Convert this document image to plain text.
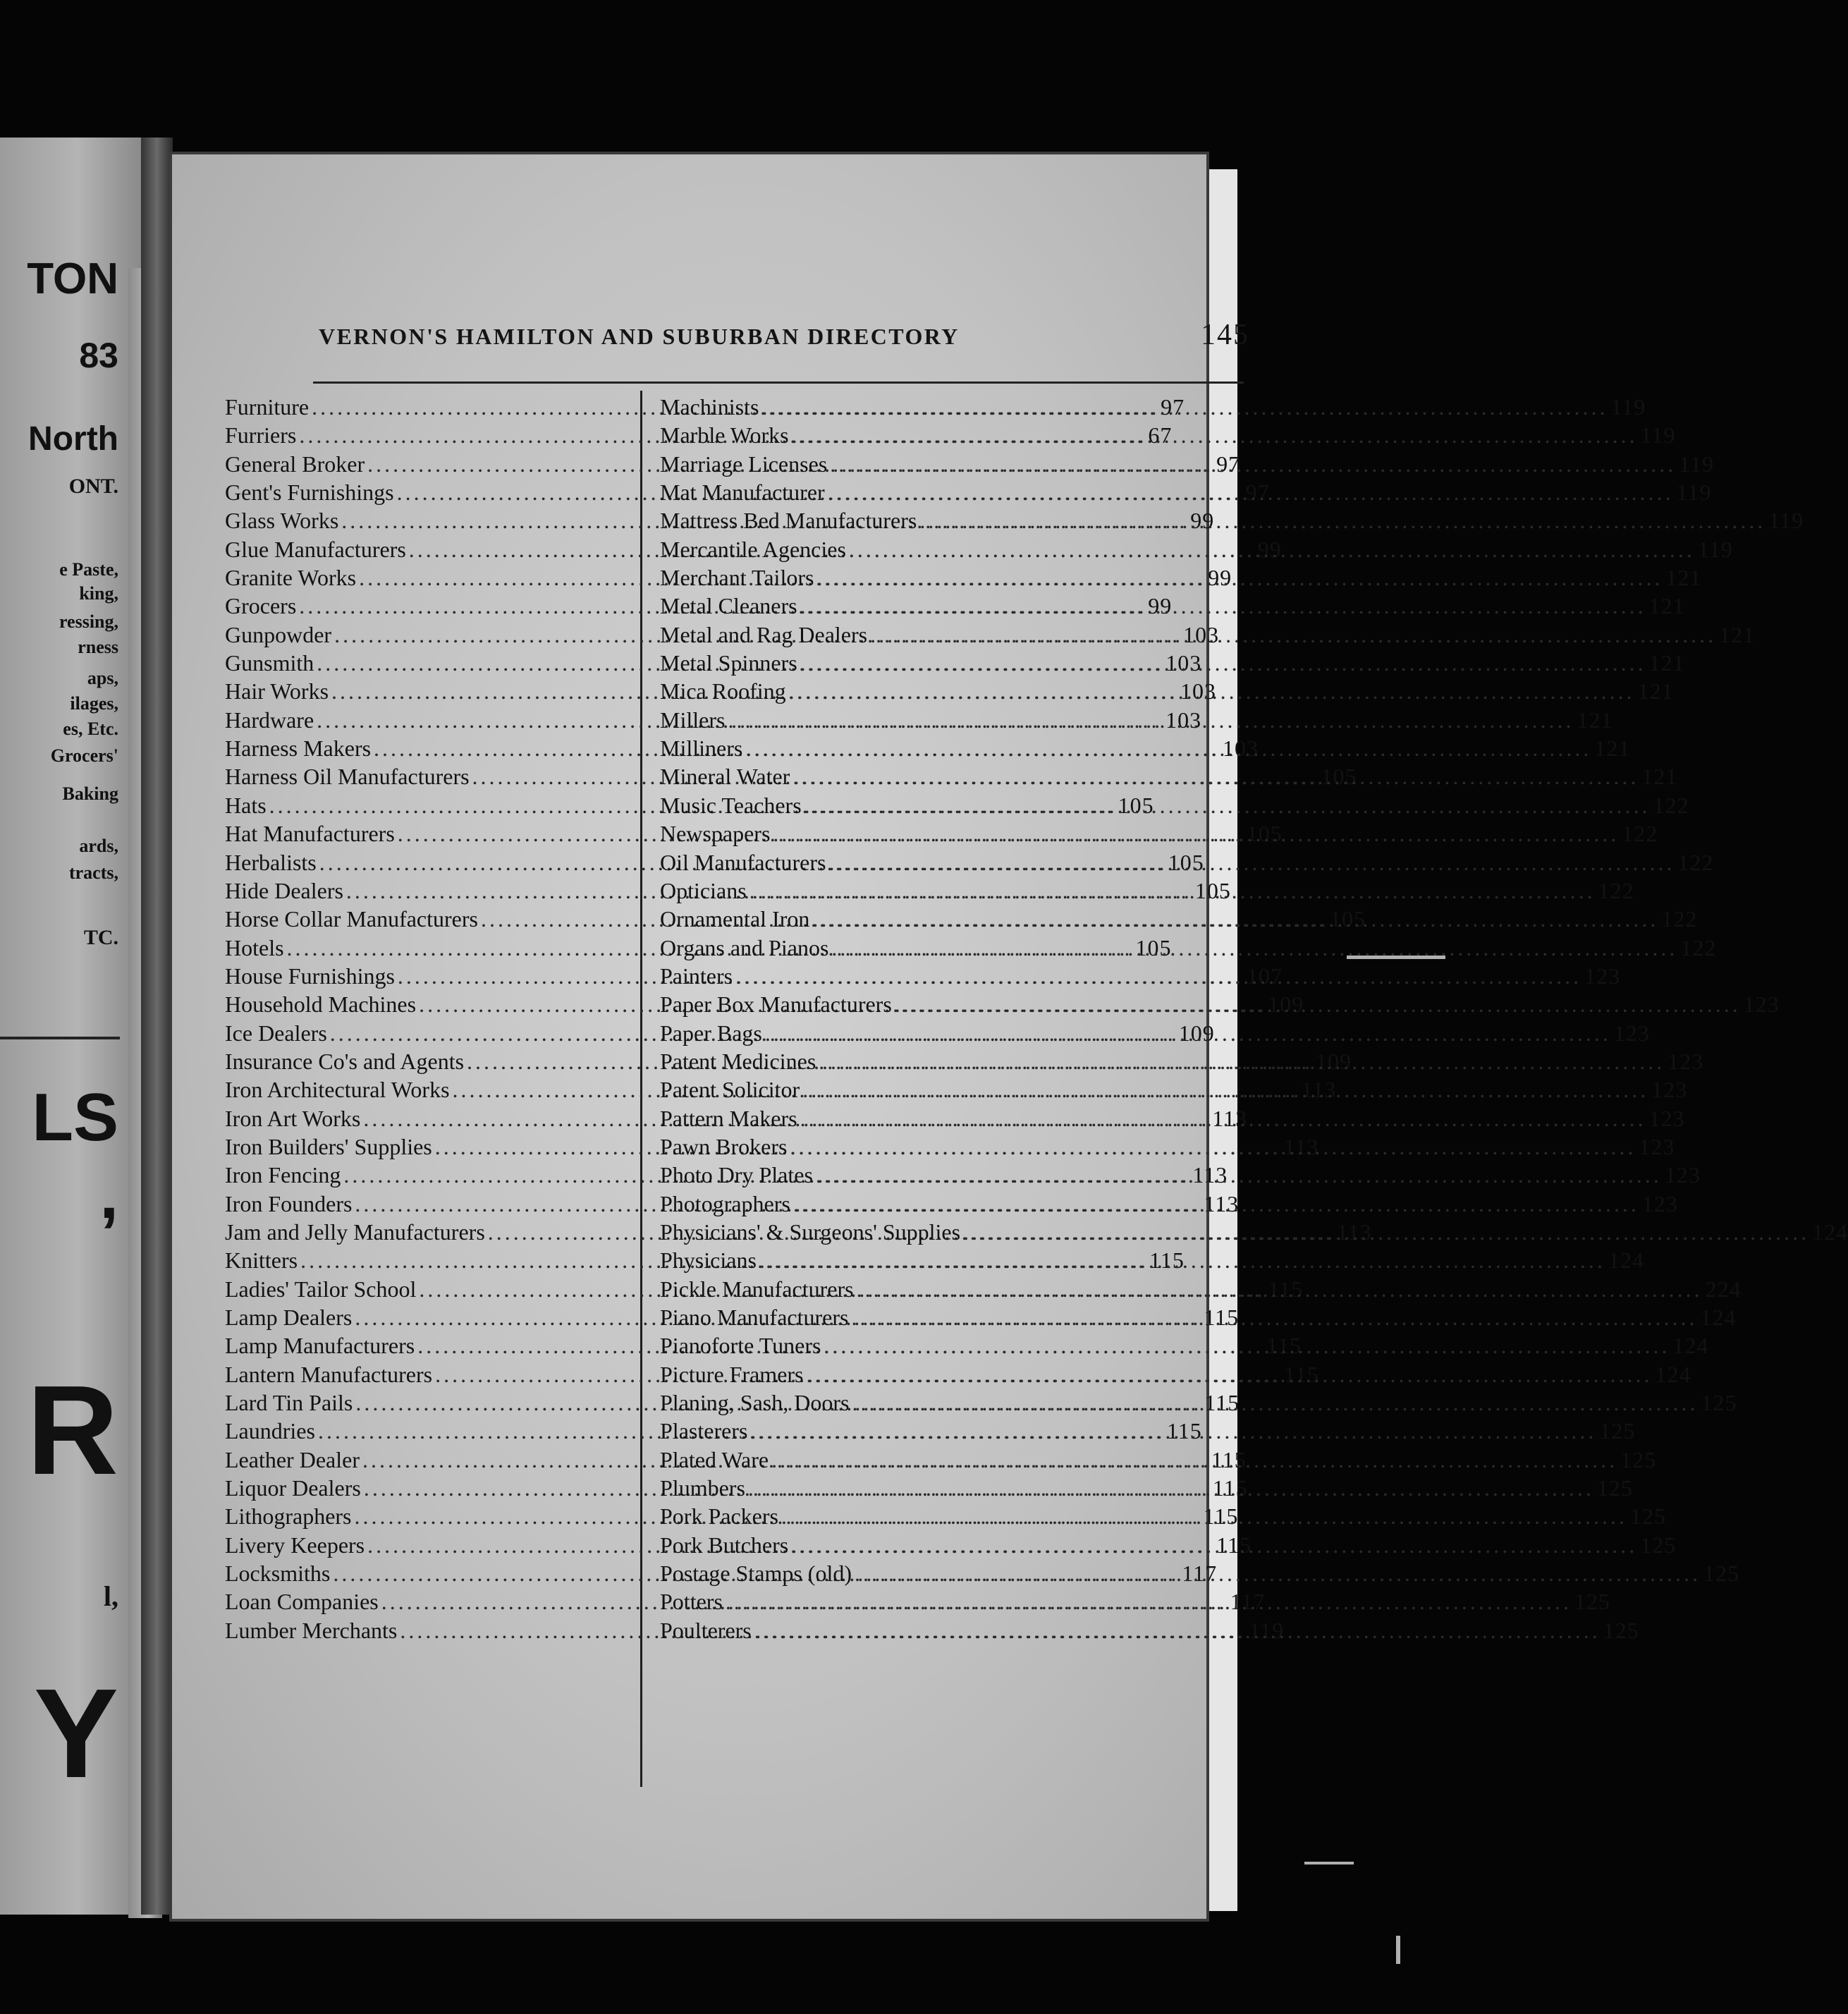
TON
83
North
ONT.
e Paste,
king,
ressing,
rness
aps,
ilages,
es, Etc.
Grocers'
Baking
ards,
tracts,
TC.
LS
,
R
l,
Y
VERNON'S HAMILTON AND SUBURBAN DIRECTORY	145
Furniture .....	97
Furriers .....	67
General Broker .....	97
Gent's Furnishings .....	97
Glass Works .....	99
Glue Manufacturers .....	99
Granite Works .....	99
Grocers .....	99
Gunpowder .....	103
Gunsmith .....	103
Hair Works .....	103
Hardware .....	103
Harness Makers .....	103
Harness Oil Manufacturers .....	105
Hats .....	105
Hat Manufacturers .....	105
Herbalists .....	105
Hide Dealers .....	105
Horse Collar Manufacturers .....	105
Hotels .....	105
House Furnishings .....	107
Household Machines .....	109
Ice Dealers .....	109
Insurance Co's and Agents .....	109
Iron Architectural Works .....	113
Iron Art Works .....	113
Iron Builders' Supplies .....	113
Iron Fencing .....	113
Iron Founders .....	113
Jam and Jelly Manufacturers .....	113
Knitters .....	115
Ladies' Tailor School .....	115
Lamp Dealers .....	115
Lamp Manufacturers .....	115
Lantern Manufacturers .....	115
Lard Tin Pails .....	115
Laundries .....	115
Leather Dealer .....	115
Liquor Dealers .....	115
Lithographers .....	115
Livery Keepers .....	115
Locksmiths .....	117
Loan Companies .....	117
Lumber Merchants .....	119
Machinists .....	119
Marble Works .....	119
Marriage Licenses .....	119
Mat Manufacturer .....	119
Mattress Bed Manufacturers .....	119
Mercantile Agencies .....	119
Merchant Tailors .....	121
Metal Cleaners .....	121
Metal and Rag Dealers .....	121
Metal Spinners .....	121
Mica Roofing .....	121
Millers .....	121
Milliners .....	121
Mineral Water .....	121
Music Teachers .....	122
Newspapers .....	122
Oil Manufacturers .....	122
Opticians .....	122
Ornamental Iron .....	122
Organs and Pianos .....	122
Painters .....	123
Paper Box Manufacturers .....	123
Paper Bags .....	123
Patent Medicines .....	123
Patent Solicitor .....	123
Pattern Makers .....	123
Pawn Brokers .....	123
Photo Dry Plates .....	123
Photographers .....	123
Physicians' & Surgeons' Supplies .....	124
Physicians .....	124
Pickle Manufacturers .....	224
Piano Manufacturers .....	124
Pianoforte Tuners .....	124
Picture Framers .....	124
Planing, Sash, Doors .....	125
Plasterers .....	125
Plated Ware .....	125
Plumbers .....	125
Pork Packers .....	125
Pork Butchers .....	125
Postage Stamps (old) .....	125
Potters .....	125
Poulterers .....	125
